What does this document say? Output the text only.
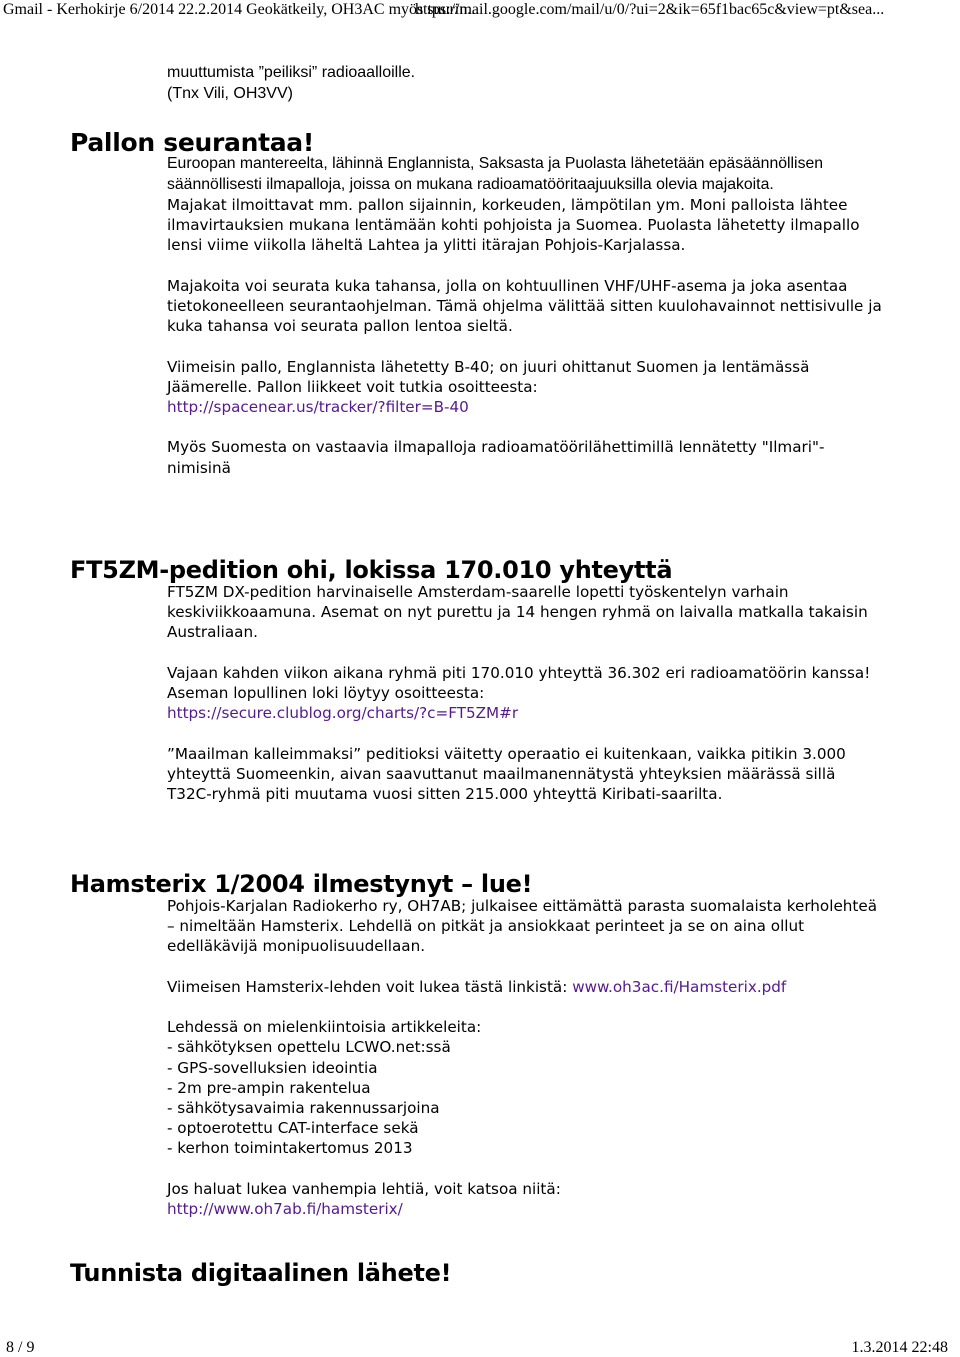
Gmail - Kerhokirje 6/2014 22.2.2014 Geokätkeily, OH3AC myös suurin...
https://mail.google.com/mail/u/0/?ui=2&ik=65f1bac65c&view=pt&sea...

muuttumista ”peiliksi” radioaalloille.

(Tnx Vili, OH3VV)

Pallon seurantaa!

Euroopan mantereelta, lähinnä Englannista, Saksasta ja Puolasta lähetetään epäsäännöllisen säännöllisesti ilmapalloja, joissa on mukana radioamatööritaajuuksilla olevia majakoita.

Majakat ilmoittavat mm. pallon sijainnin, korkeuden, lämpötilan ym. Moni palloista lähtee ilmavirtauksien mukana lentämään kohti pohjoista ja Suomea. Puolasta lähetetty ilmapallo lensi viime viikolla läheltä Lahtea ja ylitti itärajan Pohjois-Karjalassa.

Majakoita voi seurata kuka tahansa, jolla on kohtuullinen VHF/UHF-asema ja joka asentaa tietokoneelleen seurantaohjelman. Tämä ohjelma välittää sitten kuulohavainnot nettisivulle ja kuka tahansa voi seurata pallon lentoa sieltä.

Viimeisin pallo, Englannista lähetetty B-40; on juuri ohittanut Suomen ja lentämässä Jäämerelle. Pallon liikkeet voit tutkia osoitteesta:

http://spacenear.us/tracker/?filter=B-40

Myös Suomesta on vastaavia ilmapalloja radioamatöörilähettimillä lennätetty "Ilmari"-nimisinä

FT5ZM-pedition ohi, lokissa 170.010 yhteyttä

FT5ZM DX-pedition harvinaiselle Amsterdam-saarelle lopetti työskentelyn varhain keskiviikkoaamuna. Asemat on nyt purettu ja 14 hengen ryhmä on laivalla matkalla takaisin Australiaan.

Vajaan kahden viikon aikana ryhmä piti 170.010 yhteyttä 36.302 eri radioamatöörin kanssa! Aseman lopullinen loki löytyy osoitteesta:

https://secure.clublog.org/charts/?c=FT5ZM#r

”Maailman kalleimmaksi” peditioksi väitetty operaatio ei kuitenkaan, vaikka pitikin 3.000 yhteyttä Suomeenkin, aivan saavuttanut maailmanennätystä yhteyksien määrässä sillä T32C-ryhmä piti muutama vuosi sitten 215.000 yhteyttä Kiribati-saarilta.

Hamsterix 1/2004 ilmestynyt – lue!

Pohjois-Karjalan Radiokerho ry, OH7AB; julkaisee eittämättä parasta suomalaista kerholehteä – nimeltään Hamsterix. Lehdellä on pitkät ja ansiokkaat perinteet ja se on aina ollut edelläkävijä monipuolisuudellaan.

Viimeisen Hamsterix-lehden voit lukea tästä linkistä: www.oh3ac.fi/Hamsterix.pdf

Lehdessä on mielenkiintoisia artikkeleita:

- sähkötyksen opettelu LCWO.net:ssä

- GPS-sovelluksien ideointia

- 2m pre-ampin rakentelua

- sähkötysavaimia rakennussarjoina

- optoerotettu CAT-interface sekä

- kerhon toimintakertomus 2013

Jos haluat lukea vanhempia lehtiä, voit katsoa niitä:

http://www.oh7ab.fi/hamsterix/

Tunnista digitaalinen lähete!
8 / 9	1.3.2014 22:48
